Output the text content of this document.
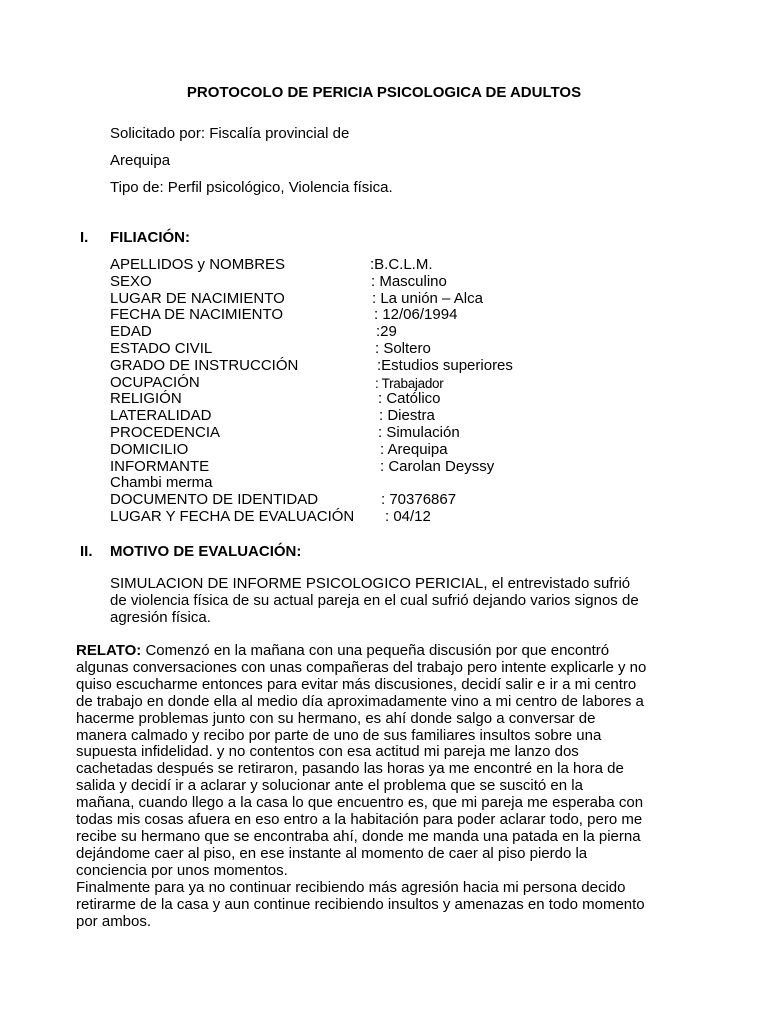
PROTOCOLO DE PERICIA PSICOLOGICA DE ADULTOS
Solicitado por: Fiscalía provincial de
Arequipa
Tipo de: Perfil psicológico, Violencia física.
I. FILIACIÓN:
APELLIDOS y NOMBRES	:B.C.L.M.
SEXO	: Masculino
LUGAR DE NACIMIENTO	: La unión – Alca
FECHA DE NACIMIENTO	: 12/06/1994
EDAD	:29
ESTADO CIVIL	: Soltero
GRADO DE INSTRUCCIÓN	:Estudios superiores
OCUPACIÓN	: Trabajador
RELIGIÓN	: Católico
LATERALIDAD	: Diestra
PROCEDENCIA	: Simulación
DOMICILIO	: Arequipa
INFORMANTE	: Carolan Deyssy
Chambi merma
DOCUMENTO DE IDENTIDAD	: 70376867
LUGAR Y FECHA DE EVALUACIÓN : 04/12
II. MOTIVO DE EVALUACIÓN:
SIMULACION DE INFORME PSICOLOGICO PERICIAL, el entrevistado sufrió
de violencia física de su actual pareja en el cual sufrió dejando varios signos de
agresión física.
RELATO: Comenzó en la mañana con una pequeña discusión por que encontró
algunas conversaciones con unas compañeras del trabajo pero intente explicarle y no
quiso escucharme entonces para evitar más discusiones, decidí salir e ir a mi centro
de trabajo en donde ella al medio día aproximadamente vino a mi centro de labores a
hacerme problemas junto con su hermano, es ahí donde salgo a conversar de
manera calmado y recibo por parte de uno de sus familiares insultos sobre una
supuesta infidelidad. y no contentos con esa actitud mi pareja me lanzo dos
cachetadas después se retiraron, pasando las horas ya me encontré en la hora de
salida y decidí ir a aclarar y solucionar ante el problema que se suscitó en la
mañana, cuando llego a la casa lo que encuentro es, que mi pareja me esperaba con
todas mis cosas afuera en eso entro a la habitación para poder aclarar todo, pero me
recibe su hermano que se encontraba ahí, donde me manda una patada en la pierna
dejándome caer al piso, en ese instante al momento de caer al piso pierdo la
conciencia por unos momentos.
Finalmente para ya no continuar recibiendo más agresión hacia mi persona decido
retirarme de la casa y aun continue recibiendo insultos y amenazas en todo momento
por ambos.
